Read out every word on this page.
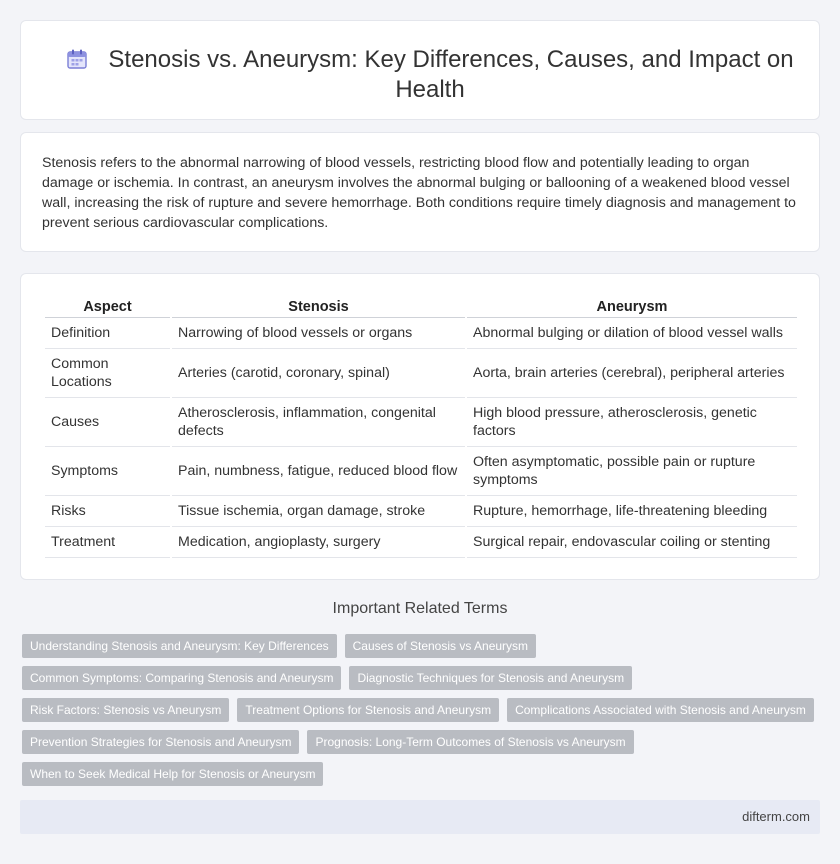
Stenosis vs. Aneurysm: Key Differences, Causes, and Impact on Health
Stenosis refers to the abnormal narrowing of blood vessels, restricting blood flow and potentially leading to organ damage or ischemia. In contrast, an aneurysm involves the abnormal bulging or ballooning of a weakened blood vessel wall, increasing the risk of rupture and severe hemorrhage. Both conditions require timely diagnosis and management to prevent serious cardiovascular complications.
Aspect	Stenosis	Aneurysm
Definition	Narrowing of blood vessels or organs	Abnormal bulging or dilation of blood vessel walls
Common Locations	Arteries (carotid, coronary, spinal)	Aorta, brain arteries (cerebral), peripheral arteries
Causes	Atherosclerosis, inflammation, congenital defects	High blood pressure, atherosclerosis, genetic factors
Symptoms	Pain, numbness, fatigue, reduced blood flow	Often asymptomatic, possible pain or rupture symptoms
Risks	Tissue ischemia, organ damage, stroke	Rupture, hemorrhage, life-threatening bleeding
Treatment	Medication, angioplasty, surgery	Surgical repair, endovascular coiling or stenting
Important Related Terms
Understanding Stenosis and Aneurysm: Key Differences	Causes of Stenosis vs Aneurysm
Common Symptoms: Comparing Stenosis and Aneurysm	Diagnostic Techniques for Stenosis and Aneurysm
Risk Factors: Stenosis vs Aneurysm	Treatment Options for Stenosis and Aneurysm	Complications Associated with Stenosis and Aneurysm
Prevention Strategies for Stenosis and Aneurysm	Prognosis: Long-Term Outcomes of Stenosis vs Aneurysm
When to Seek Medical Help for Stenosis or Aneurysm
difterm.com
